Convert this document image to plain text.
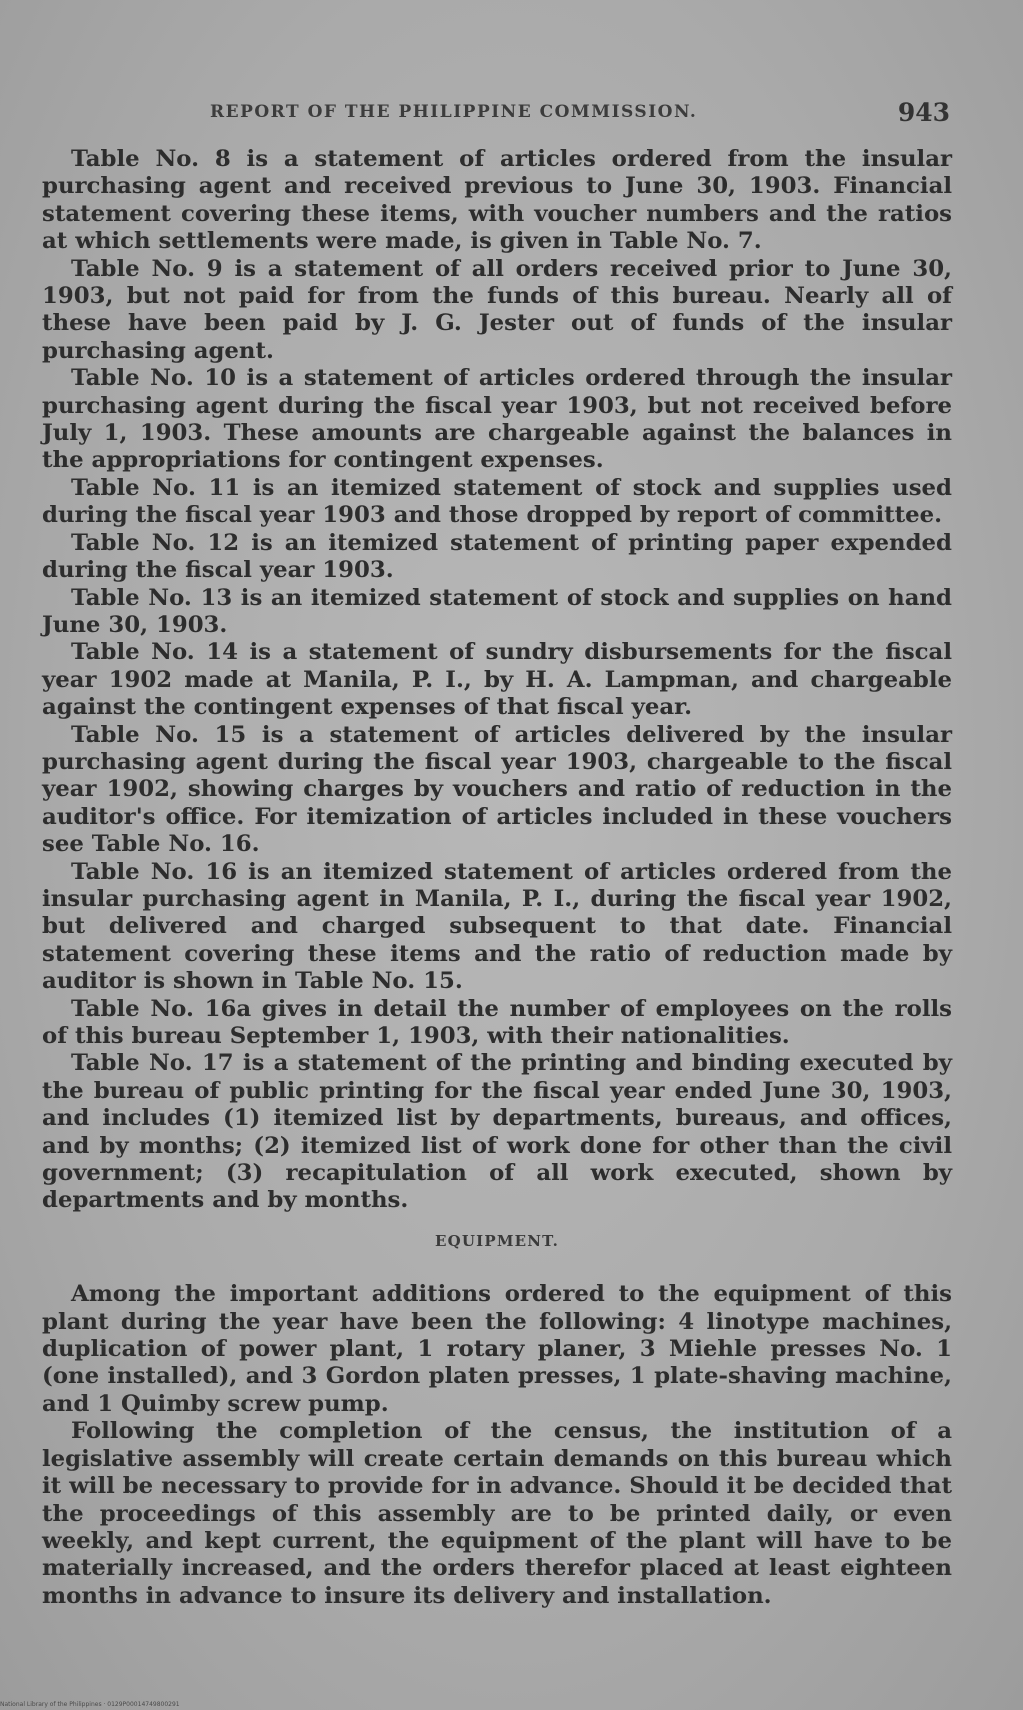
REPORT OF THE PHILIPPINE COMMISSION.	943

Table No. 8 is a statement of articles ordered from the insular purchasing agent and received previous to June 30, 1903. Financial statement covering these items, with voucher numbers and the ratios at which settlements were made, is given in Table No. 7.

Table No. 9 is a statement of all orders received prior to June 30, 1903, but not paid for from the funds of this bureau. Nearly all of these have been paid by J. G. Jester out of funds of the insular purchasing agent.

Table No. 10 is a statement of articles ordered through the insular purchasing agent during the fiscal year 1903, but not received before July 1, 1903. These amounts are chargeable against the balances in the appropriations for contingent expenses.

Table No. 11 is an itemized statement of stock and supplies used during the fiscal year 1903 and those dropped by report of committee.

Table No. 12 is an itemized statement of printing paper expended during the fiscal year 1903.

Table No. 13 is an itemized statement of stock and supplies on hand June 30, 1903.

Table No. 14 is a statement of sundry disbursements for the fiscal year 1902 made at Manila, P. I., by H. A. Lampman, and chargeable against the contingent expenses of that fiscal year.

Table No. 15 is a statement of articles delivered by the insular purchasing agent during the fiscal year 1903, chargeable to the fiscal year 1902, showing charges by vouchers and ratio of reduction in the auditor's office. For itemization of articles included in these vouchers see Table No. 16.

Table No. 16 is an itemized statement of articles ordered from the insular purchasing agent in Manila, P. I., during the fiscal year 1902, but delivered and charged subsequent to that date. Financial statement covering these items and the ratio of reduction made by auditor is shown in Table No. 15.

Table No. 16a gives in detail the number of employees on the rolls of this bureau September 1, 1903, with their nationalities.

Table No. 17 is a statement of the printing and binding executed by the bureau of public printing for the fiscal year ended June 30, 1903, and includes (1) itemized list by departments, bureaus, and offices, and by months; (2) itemized list of work done for other than the civil government; (3) recapitulation of all work executed, shown by departments and by months.

EQUIPMENT.

Among the important additions ordered to the equipment of this plant during the year have been the following: 4 linotype machines, duplication of power plant, 1 rotary planer, 3 Miehle presses No. 1 (one installed), and 3 Gordon platen presses, 1 plate-shaving machine, and 1 Quimby screw pump.

Following the completion of the census, the institution of a legislative assembly will create certain demands on this bureau which it will be necessary to provide for in advance. Should it be decided that the proceedings of this assembly are to be printed daily, or even weekly, and kept current, the equipment of the plant will have to be materially increased, and the orders therefor placed at least eighteen months in advance to insure its delivery and installation.

National Library of the Philippines · 0129P00014749800291
